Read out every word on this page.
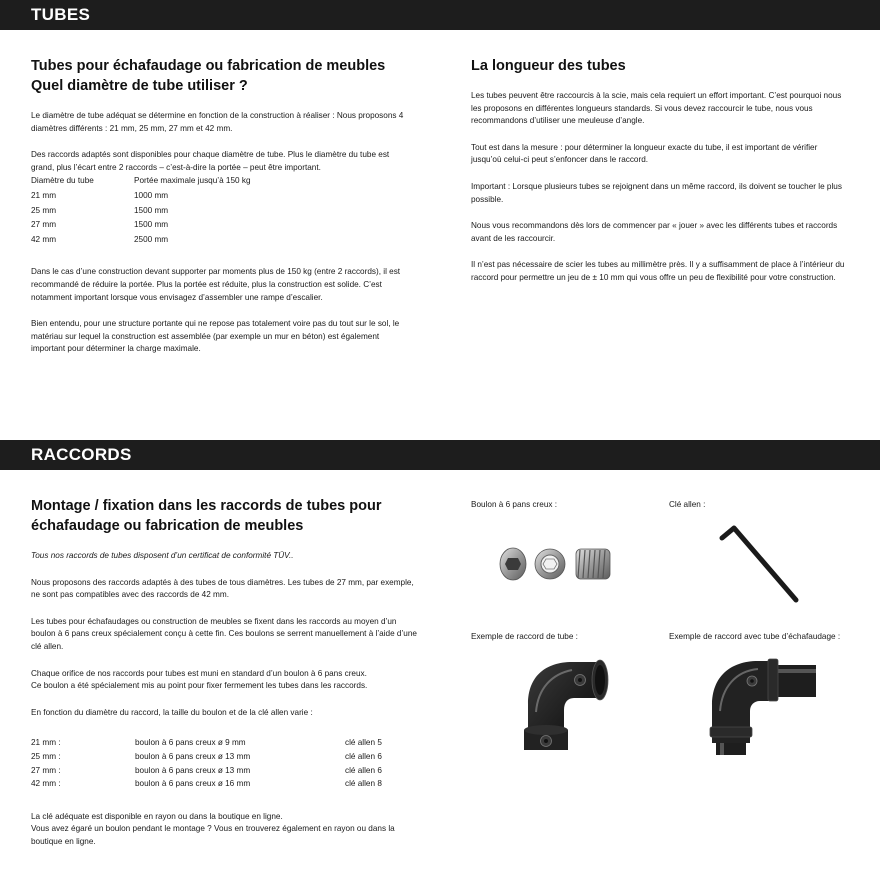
TUBES
Tubes pour échafaudage ou fabrication de meubles
Quel diamètre de tube utiliser ?

Le diamètre de tube adéquat se détermine en fonction de la construction à réaliser : Nous proposons 4 diamètres différents : 21 mm, 25 mm, 27 mm et 42 mm.

Des raccords adaptés sont disponibles pour chaque diamètre de tube. Plus le diamètre du tube est grand, plus l’écart entre 2 raccords – c’est-à-dire la portée – peut être important.

Diamètre du tube	Portée maximale jusqu’à 150 kg
21 mm	1000 mm
25 mm	1500 mm
27 mm	1500 mm
42 mm	2500 mm

Dans le cas d’une construction devant supporter par moments plus de 150 kg (entre 2 raccords), il est recommandé de réduire la portée. Plus la portée est réduite, plus la construction est solide. C’est notamment important lorsque vous envisagez d’assembler une rampe d’escalier.

Bien entendu, pour une structure portante qui ne repose pas totalement voire pas du tout sur le sol, le matériau sur lequel la construction est assemblée (par exemple un mur en béton) est également important pour déterminer la charge maximale.

La longueur des tubes

Les tubes peuvent être raccourcis à la scie, mais cela requiert un effort important. C’est pourquoi nous les proposons en différentes longueurs standards. Si vous devez raccourcir le tube, nous vous recommandons d’utiliser une meuleuse d’angle.

Tout est dans la mesure : pour déterminer la longueur exacte du tube, il est important de vérifier jusqu’où celui-ci peut s’enfoncer dans le raccord.

Important : Lorsque plusieurs tubes se rejoignent dans un même raccord, ils doivent se toucher le plus possible.

Nous vous recommandons dès lors de commencer par « jouer » avec les différents tubes et raccords avant de les raccourcir.

Il n’est pas nécessaire de scier les tubes au millimètre près. Il y a suffisamment de place à l’intérieur du raccord pour permettre un jeu de ± 10 mm qui vous offre un peu de flexibilité pour votre construction.

RACCORDS
Montage / fixation dans les raccords de tubes pour
échafaudage ou fabrication de meubles

Tous nos raccords de tubes disposent d’un certificat de conformité TÜV..

Nous proposons des raccords adaptés à des tubes de tous diamètres. Les tubes de 27 mm, par exemple, ne sont pas compatibles avec des raccords de 42 mm.

Les tubes pour échafaudages ou construction de meubles se fixent dans les raccords au moyen d’un boulon à 6 pans creux spécialement conçu à cette fin. Ces boulons se serrent manuellement à l’aide d’une clé allen.

Chaque orifice de nos raccords pour tubes est muni en standard d’un boulon à 6 pans creux.
Ce boulon a été spécialement mis au point pour fixer fermement les tubes dans les raccords.

En fonction du diamètre du raccord, la taille du boulon et de la clé allen varie :

21 mm :	boulon à 6 pans creux ø 9 mm	clé allen 5
25 mm :	boulon à 6 pans creux ø 13 mm	clé allen 6
27 mm :	boulon à 6 pans creux ø 13 mm	clé allen 6
42 mm :	boulon à 6 pans creux ø 16 mm	clé allen 8

La clé adéquate est disponible en rayon ou dans la boutique en ligne.
Vous avez égaré un boulon pendant le montage ? Vous en trouverez également en rayon ou dans la boutique en ligne.

Boulon à 6 pans creux :	Clé allen :
Exemple de raccord de tube :	Exemple de raccord avec tube d’échafaudage :
